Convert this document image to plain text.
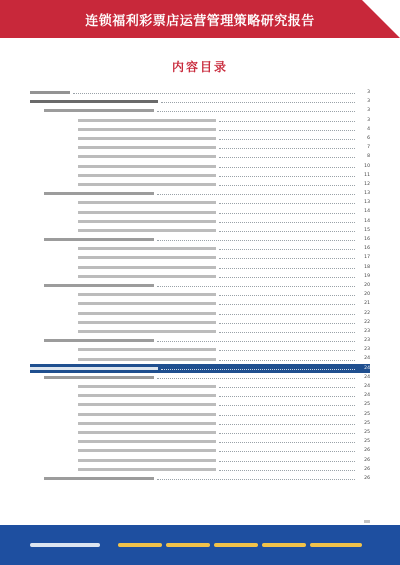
连锁福利彩票店运营管理策略研究报告
内容目录
3
3
3
3
4
6
7
8
10
11
12
13
13
14
14
15
16
16
17
18
19
20
20
21
22
22
23
23
23
24
24
24
24
24
25
25
25
25
25
26
26
26
26
